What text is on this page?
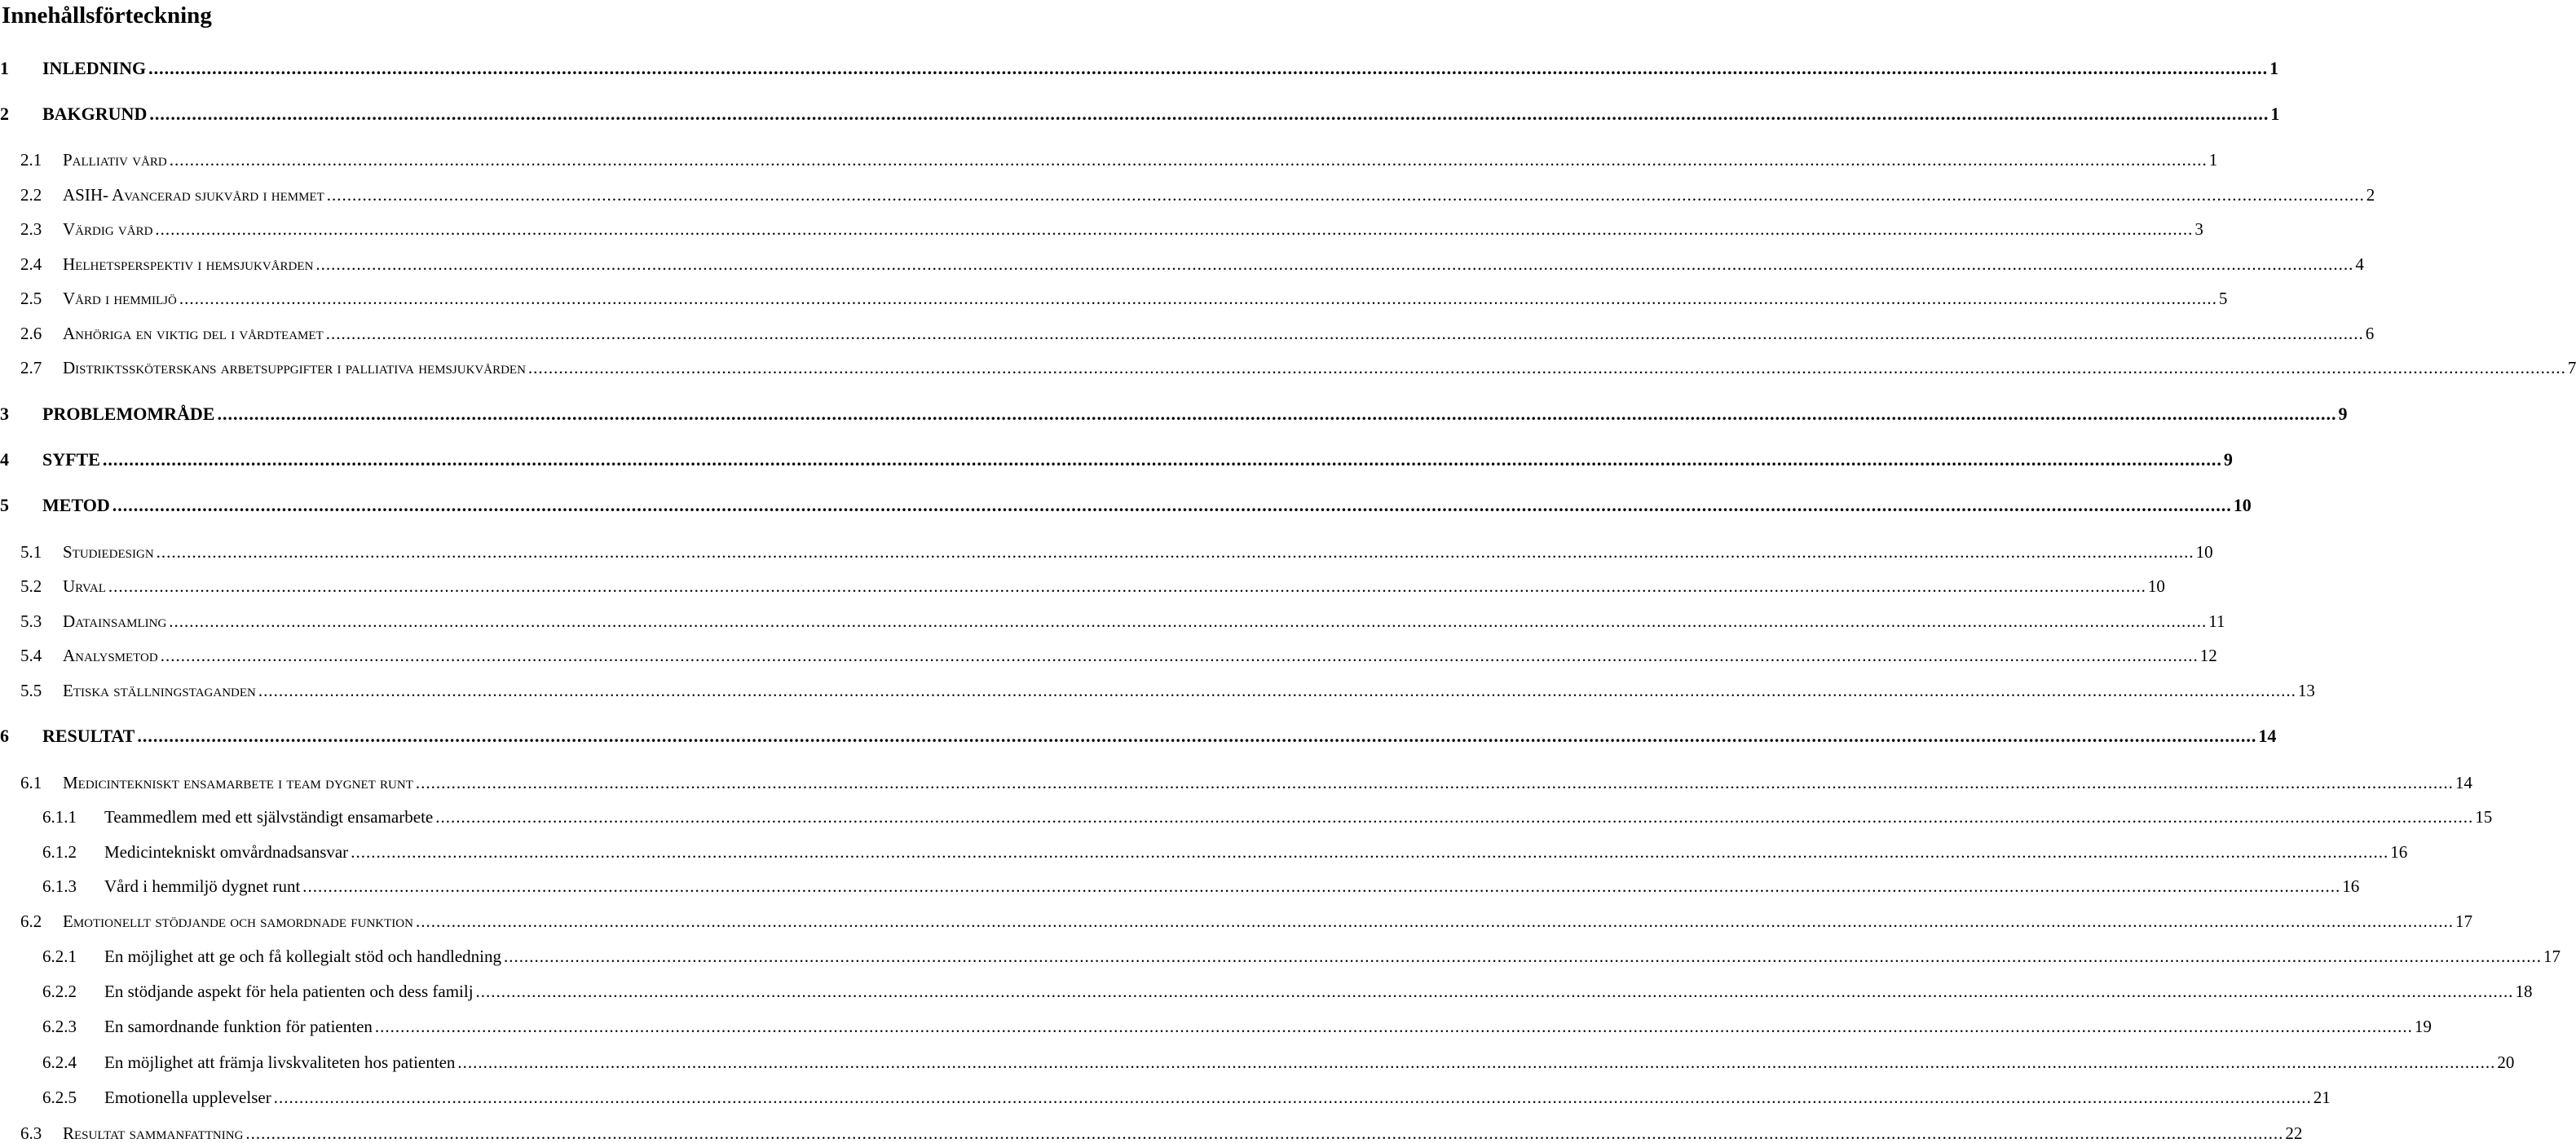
Innehållsförteckning
1	INLEDNING ................................................................................................................................................................................................................................................................................................................................................................................................................ 1
2	BAKGRUND ................................................................................................................................................................................................................................................................................................................................................................................................................ 1
2.1	Palliativ vård ................................................................................................................................................................................................................................................................................................................................................................................................................ 1
2.2	ASIH- Avancerad sjukvård i hemmet ................................................................................................................................................................................................................................................................................................................................................................................................................ 2
2.3	Värdig vård ................................................................................................................................................................................................................................................................................................................................................................................................................ 3
2.4	Helhetsperspektiv i hemsjukvården ................................................................................................................................................................................................................................................................................................................................................................................................................ 4
2.5	Vård i hemmiljö ................................................................................................................................................................................................................................................................................................................................................................................................................ 5
2.6	Anhöriga en viktig del i vårdteamet ................................................................................................................................................................................................................................................................................................................................................................................................................ 6
2.7	Distriktssköterskans arbetsuppgifter i palliativa hemsjukvården ................................................................................................................................................................................................................................................................................................................................................................................................................ 7
3	PROBLEMOMRÅDE ................................................................................................................................................................................................................................................................................................................................................................................................................ 9
4	SYFTE ................................................................................................................................................................................................................................................................................................................................................................................................................ 9
5	METOD ................................................................................................................................................................................................................................................................................................................................................................................................................ 10
5.1	Studiedesign ................................................................................................................................................................................................................................................................................................................................................................................................................ 10
5.2	Urval ................................................................................................................................................................................................................................................................................................................................................................................................................ 10
5.3	Datainsamling ................................................................................................................................................................................................................................................................................................................................................................................................................ 11
5.4	Analysmetod ................................................................................................................................................................................................................................................................................................................................................................................................................ 12
5.5	Etiska ställningstaganden ................................................................................................................................................................................................................................................................................................................................................................................................................ 13
6	RESULTAT ................................................................................................................................................................................................................................................................................................................................................................................................................ 14
6.1	Medicintekniskt ensamarbete i team dygnet runt ................................................................................................................................................................................................................................................................................................................................................................................................................ 14
6.1.1	Teammedlem med ett självständigt ensamarbete ................................................................................................................................................................................................................................................................................................................................................................................................................ 15
6.1.2	Medicintekniskt omvårdnadsansvar ................................................................................................................................................................................................................................................................................................................................................................................................................ 16
6.1.3	Vård i hemmiljö dygnet runt ................................................................................................................................................................................................................................................................................................................................................................................................................ 16
6.2	Emotionellt stödjande och samordnade funktion ................................................................................................................................................................................................................................................................................................................................................................................................................ 17
6.2.1	En möjlighet att ge och få kollegialt stöd och handledning ................................................................................................................................................................................................................................................................................................................................................................................................................ 17
6.2.2	En stödjande aspekt för hela patienten och dess familj ................................................................................................................................................................................................................................................................................................................................................................................................................ 18
6.2.3	En samordnande funktion för patienten ................................................................................................................................................................................................................................................................................................................................................................................................................ 19
6.2.4	En möjlighet att främja livskvaliteten hos patienten ................................................................................................................................................................................................................................................................................................................................................................................................................ 20
6.2.5	Emotionella upplevelser ................................................................................................................................................................................................................................................................................................................................................................................................................ 21
6.3	Resultat sammanfattning ................................................................................................................................................................................................................................................................................................................................................................................................................ 22
